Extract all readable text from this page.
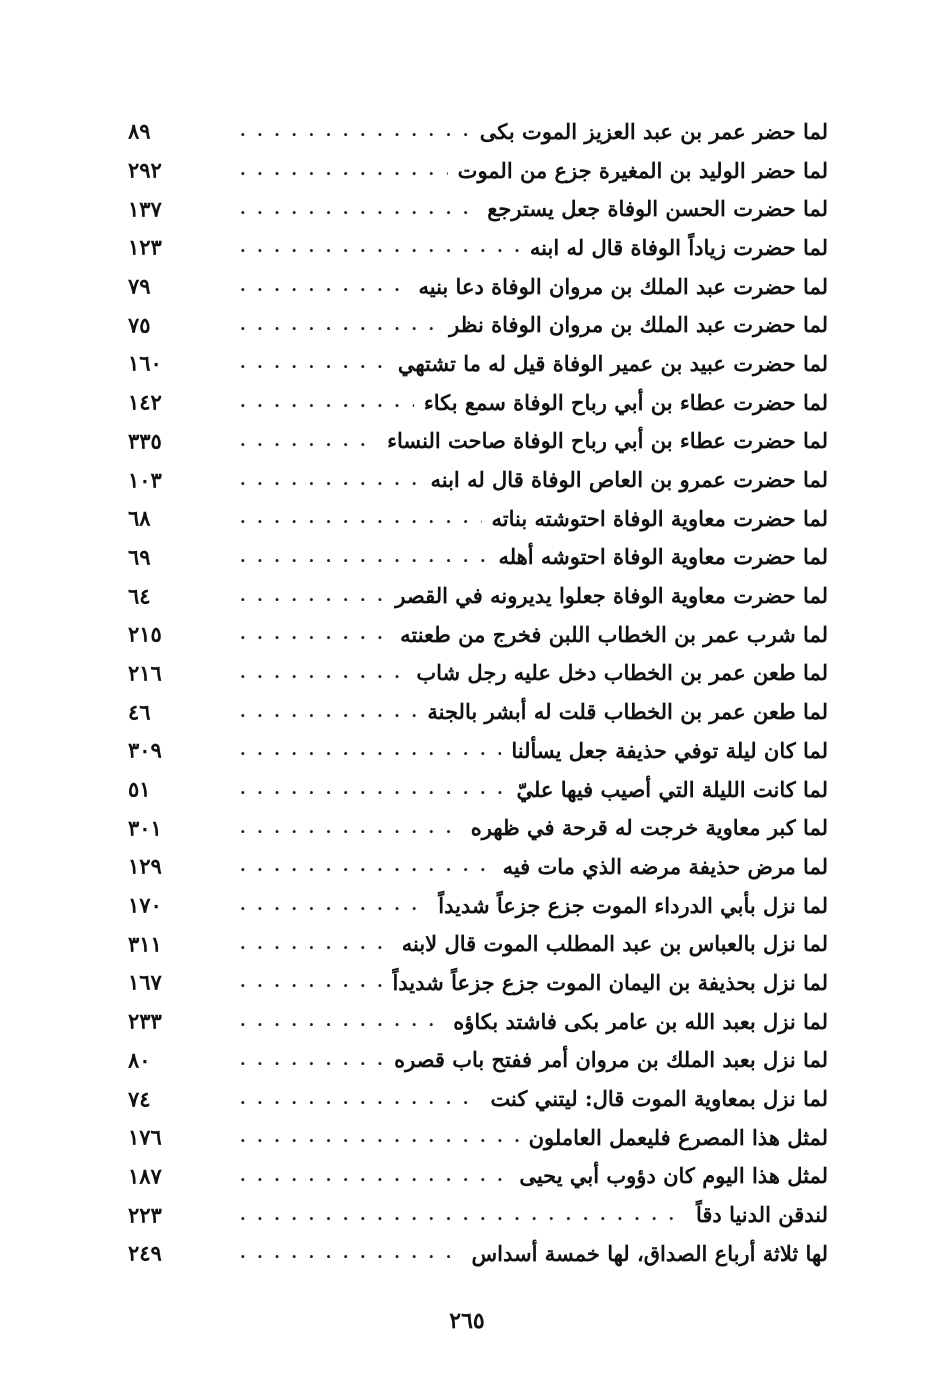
لما حضر عمر بن عبد العزيز الموت بكى
. . .
٨٩
لما حضر الوليد بن المغيرة جزع من الموت
. . .
٢٩٢
لما حضرت الحسن الوفاة جعل يسترجع
. . .
١٣٧
لما حضرت زياداً الوفاة قال له ابنه
. . .
١٢٣
لما حضرت عبد الملك بن مروان الوفاة دعا بنيه
. . .
٧٩
لما حضرت عبد الملك بن مروان الوفاة نظر
. . .
٧٥
لما حضرت عبيد بن عمير الوفاة قيل له ما تشتهي
. . .
١٦٠
لما حضرت عطاء بن أبي رباح الوفاة سمع بكاء
. . .
١٤٢
لما حضرت عطاء بن أبي رباح الوفاة صاحت النساء
. . .
٣٣٥
لما حضرت عمرو بن العاص الوفاة قال له ابنه
. . .
١٠٣
لما حضرت معاوية الوفاة احتوشته بناته
. . .
٦٨
لما حضرت معاوية الوفاة احتوشه أهله
. . .
٦٩
لما حضرت معاوية الوفاة جعلوا يديرونه في القصر
. . .
٦٤
لما شرب عمر بن الخطاب اللبن فخرج من طعنته
. . .
٢١٥
لما طعن عمر بن الخطاب دخل عليه رجل شاب
. . .
٢١٦
لما طعن عمر بن الخطاب قلت له أبشر بالجنة
. . .
٤٦
لما كان ليلة توفي حذيفة جعل يسألنا
. . .
٣٠٩
لما كانت الليلة التي أصيب فيها عليّ
. . .
٥١
لما كبر معاوية خرجت له قرحة في ظهره
. . .
٣٠١
لما مرض حذيفة مرضه الذي مات فيه
. . .
١٢٩
لما نزل بأبي الدرداء الموت جزع جزعاً شديداً
. . .
١٧٠
لما نزل بالعباس بن عبد المطلب الموت قال لابنه
. . .
٣١١
لما نزل بحذيفة بن اليمان الموت جزع جزعاً شديداً
. . .
١٦٧
لما نزل بعبد الله بن عامر بكى فاشتد بكاؤه
. . .
٢٣٣
لما نزل بعبد الملك بن مروان أمر ففتح باب قصره
. . .
٨٠
لما نزل بمعاوية الموت قال: ليتني كنت
. . .
٧٤
لمثل هذا المصرع فليعمل العاملون
. . .
١٧٦
لمثل هذا اليوم كان دؤوب أبي يحيى
. . .
١٨٧
لندقن الدنيا دقاً
. . .
٢٢٣
لها ثلاثة أرباع الصداق، لها خمسة أسداس
. . .
٢٤٩
٢٦٥
